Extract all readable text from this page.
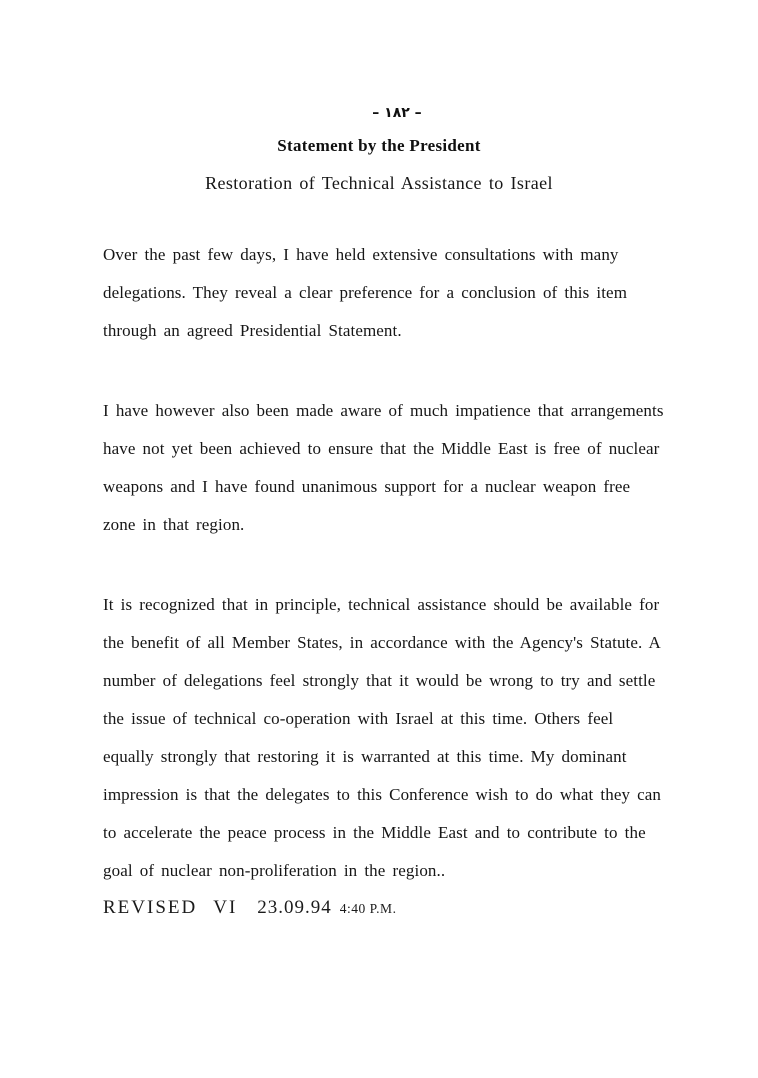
– ١٨٢ –
Statement by the President
Restoration of Technical Assistance to Israel
Over the past few days, I have held extensive consultations with many
delegations. They reveal a clear preference for a conclusion of this item
through an agreed Presidential Statement.
I have however also been made aware of much impatience that arrangements
have not yet been achieved to ensure that the Middle East is free of nuclear
weapons and I have found unanimous support for a nuclear weapon free
zone in that region.
It is recognized that in principle, technical assistance should be available for
the benefit of all Member States, in accordance with the Agency's Statute. A
number of delegations feel strongly that it would be wrong to try and settle
the issue of technical co-operation with Israel at this time. Others feel
equally strongly that restoring it is warranted at this time. My dominant
impression is that the delegates to this Conference wish to do what they can
to accelerate the peace process in the Middle East and to contribute to the
goal of nuclear non-proliferation in the region..
REVISED VI 23.09.94 4:40 P.M.
